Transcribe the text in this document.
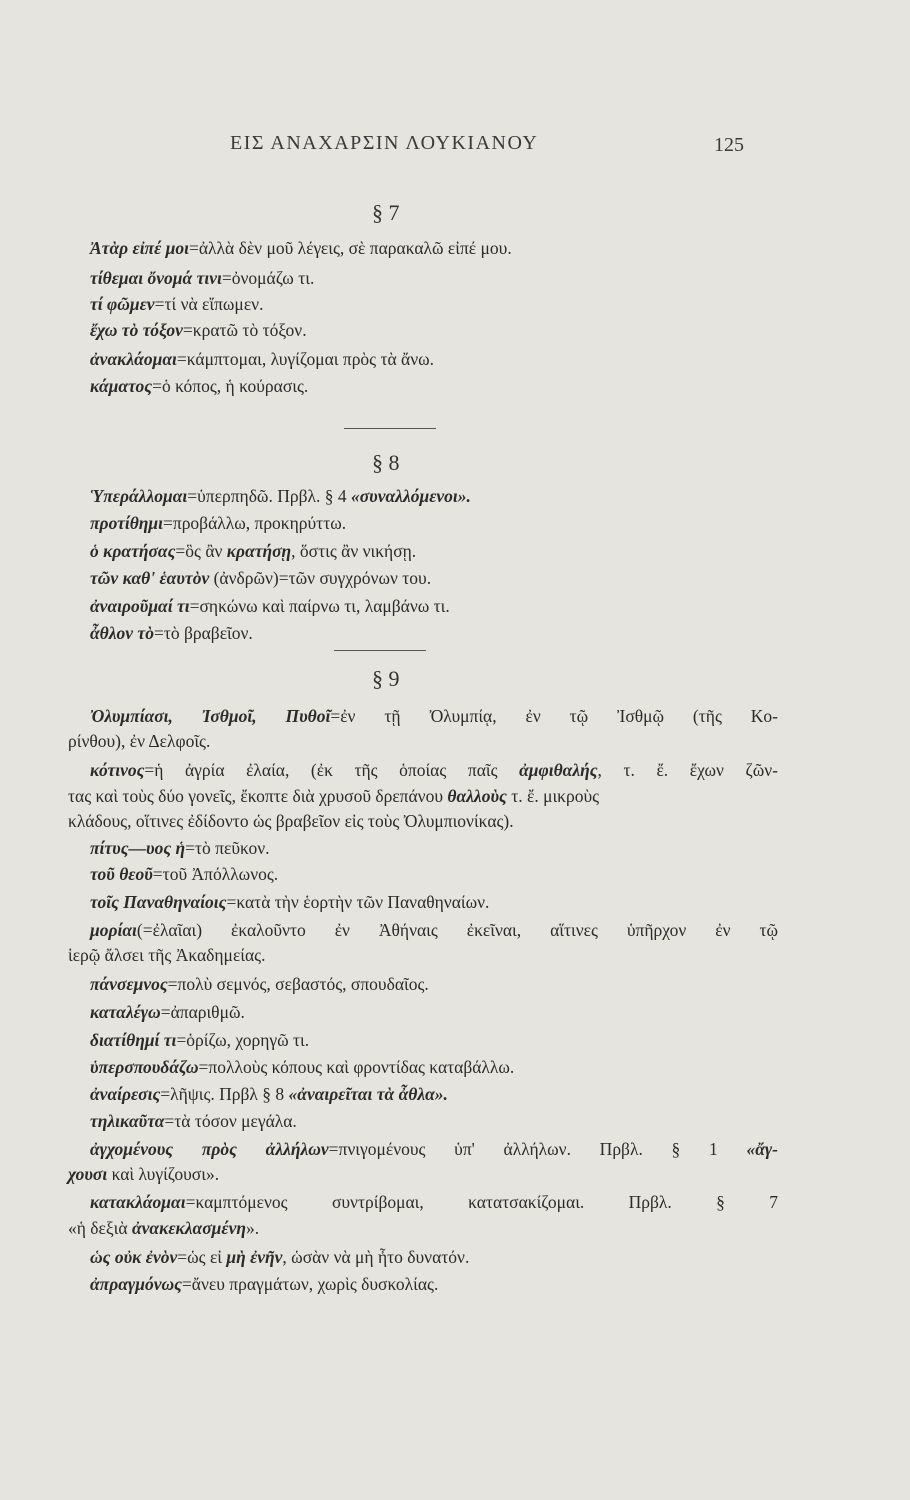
ΕΙΣ ΑΝΑΧΑΡΣΙΝ ΛΟΥΚΙΑΝΟΥ	125
§ 7
Ἀτὰρ εἰπέ μοι=ἀλλὰ δὲν μοῦ λέγεις, σὲ παρακαλῶ εἰπέ μου.
τίθεμαι ὄνομά τινι=ὀνομάζω τι.
τί φῶμεν=τί νὰ εἴπωμεν.
ἔχω τὸ τόξον=κρατῶ τὸ τόξον.
ἀνακλάομαι=κάμπτομαι, λυγίζομαι πρὸς τὰ ἄνω.
κάματος=ὁ κόπος, ἡ κούρασις.
§ 8
Ὑπεράλλομαι=ὑπερπηδῶ. Πρβλ. § 4 «συναλλόμενοι».
προτίθημι=προβάλλω, προκηρύττω.
ὁ κρατήσας=ὃς ἂν κρατήσῃ, ὅστις ἂν νικήσῃ.
τῶν καθ' ἑαυτὸν (ἀνδρῶν)=τῶν συγχρόνων του.
ἀναιροῦμαί τι=σηκώνω καὶ παίρνω τι, λαμβάνω τι.
ἆθλον τὸ=τὸ βραβεῖον.
§ 9
Ὀλυμπίασι, Ἰσθμοῖ, Πυθοῖ=ἐν τῇ Ὀλυμπίᾳ, ἐν τῷ Ἰσθμῷ (τῆς Κο-
ρίνθου), ἐν Δελφοῖς.
κότινος=ἡ ἀγρία ἐλαία, (ἐκ τῆς ὁποίας παῖς ἀμφιθαλής, τ. ἔ. ἔχων ζῶν-
τας καὶ τοὺς δύο γονεῖς, ἔκοπτε διὰ χρυσοῦ δρεπάνου θαλλοὺς τ. ἔ. μικροὺς
κλάδους, οἵτινες ἐδίδοντο ὡς βραβεῖον εἰς τοὺς Ὀλυμπιονίκας).
πίτυς—υος ἡ=τὸ πεῦκον.
τοῦ θεοῦ=τοῦ Ἀπόλλωνος.
τοῖς Παναθηναίοις=κατὰ τὴν ἑορτὴν τῶν Παναθηναίων.
μορίαι(=ἐλαῖαι) ἐκαλοῦντο ἐν Ἀθήναις ἐκεῖναι, αἵτινες ὑπῆρχον ἐν τῷ
ἱερῷ ἄλσει τῆς Ἀκαδημείας.
πάνσεμνος=πολὺ σεμνός, σεβαστός, σπουδαῖος.
καταλέγω=ἀπαριθμῶ.
διατίθημί τι=ὁρίζω, χορηγῶ τι.
ὑπερσπουδάζω=πολλοὺς κόπους καὶ φροντίδας καταβάλλω.
ἀναίρεσις=λῆψις. Πρβλ § 8 «ἀναιρεῖται τὰ ἆθλα».
τηλικαῦτα=τὰ τόσον μεγάλα.
ἀγχομένους πρὸς ἀλλήλων=πνιγομένους ὑπ' ἀλλήλων. Πρβλ. § 1 «ἄγ-
χουσι καὶ λυγίζουσι».
κατακλάομαι=καμπτόμενος συντρίβομαι, κατατσακίζομαι. Πρβλ. § 7
«ἡ δεξιὰ ἀνακεκλασμένη».
ὡς οὐκ ἐνὸν=ὡς εἰ μὴ ἐνῆν, ὡσὰν νὰ μὴ ἦτο δυνατόν.
ἀπραγμόνως=ἄνευ πραγμάτων, χωρὶς δυσκολίας.
